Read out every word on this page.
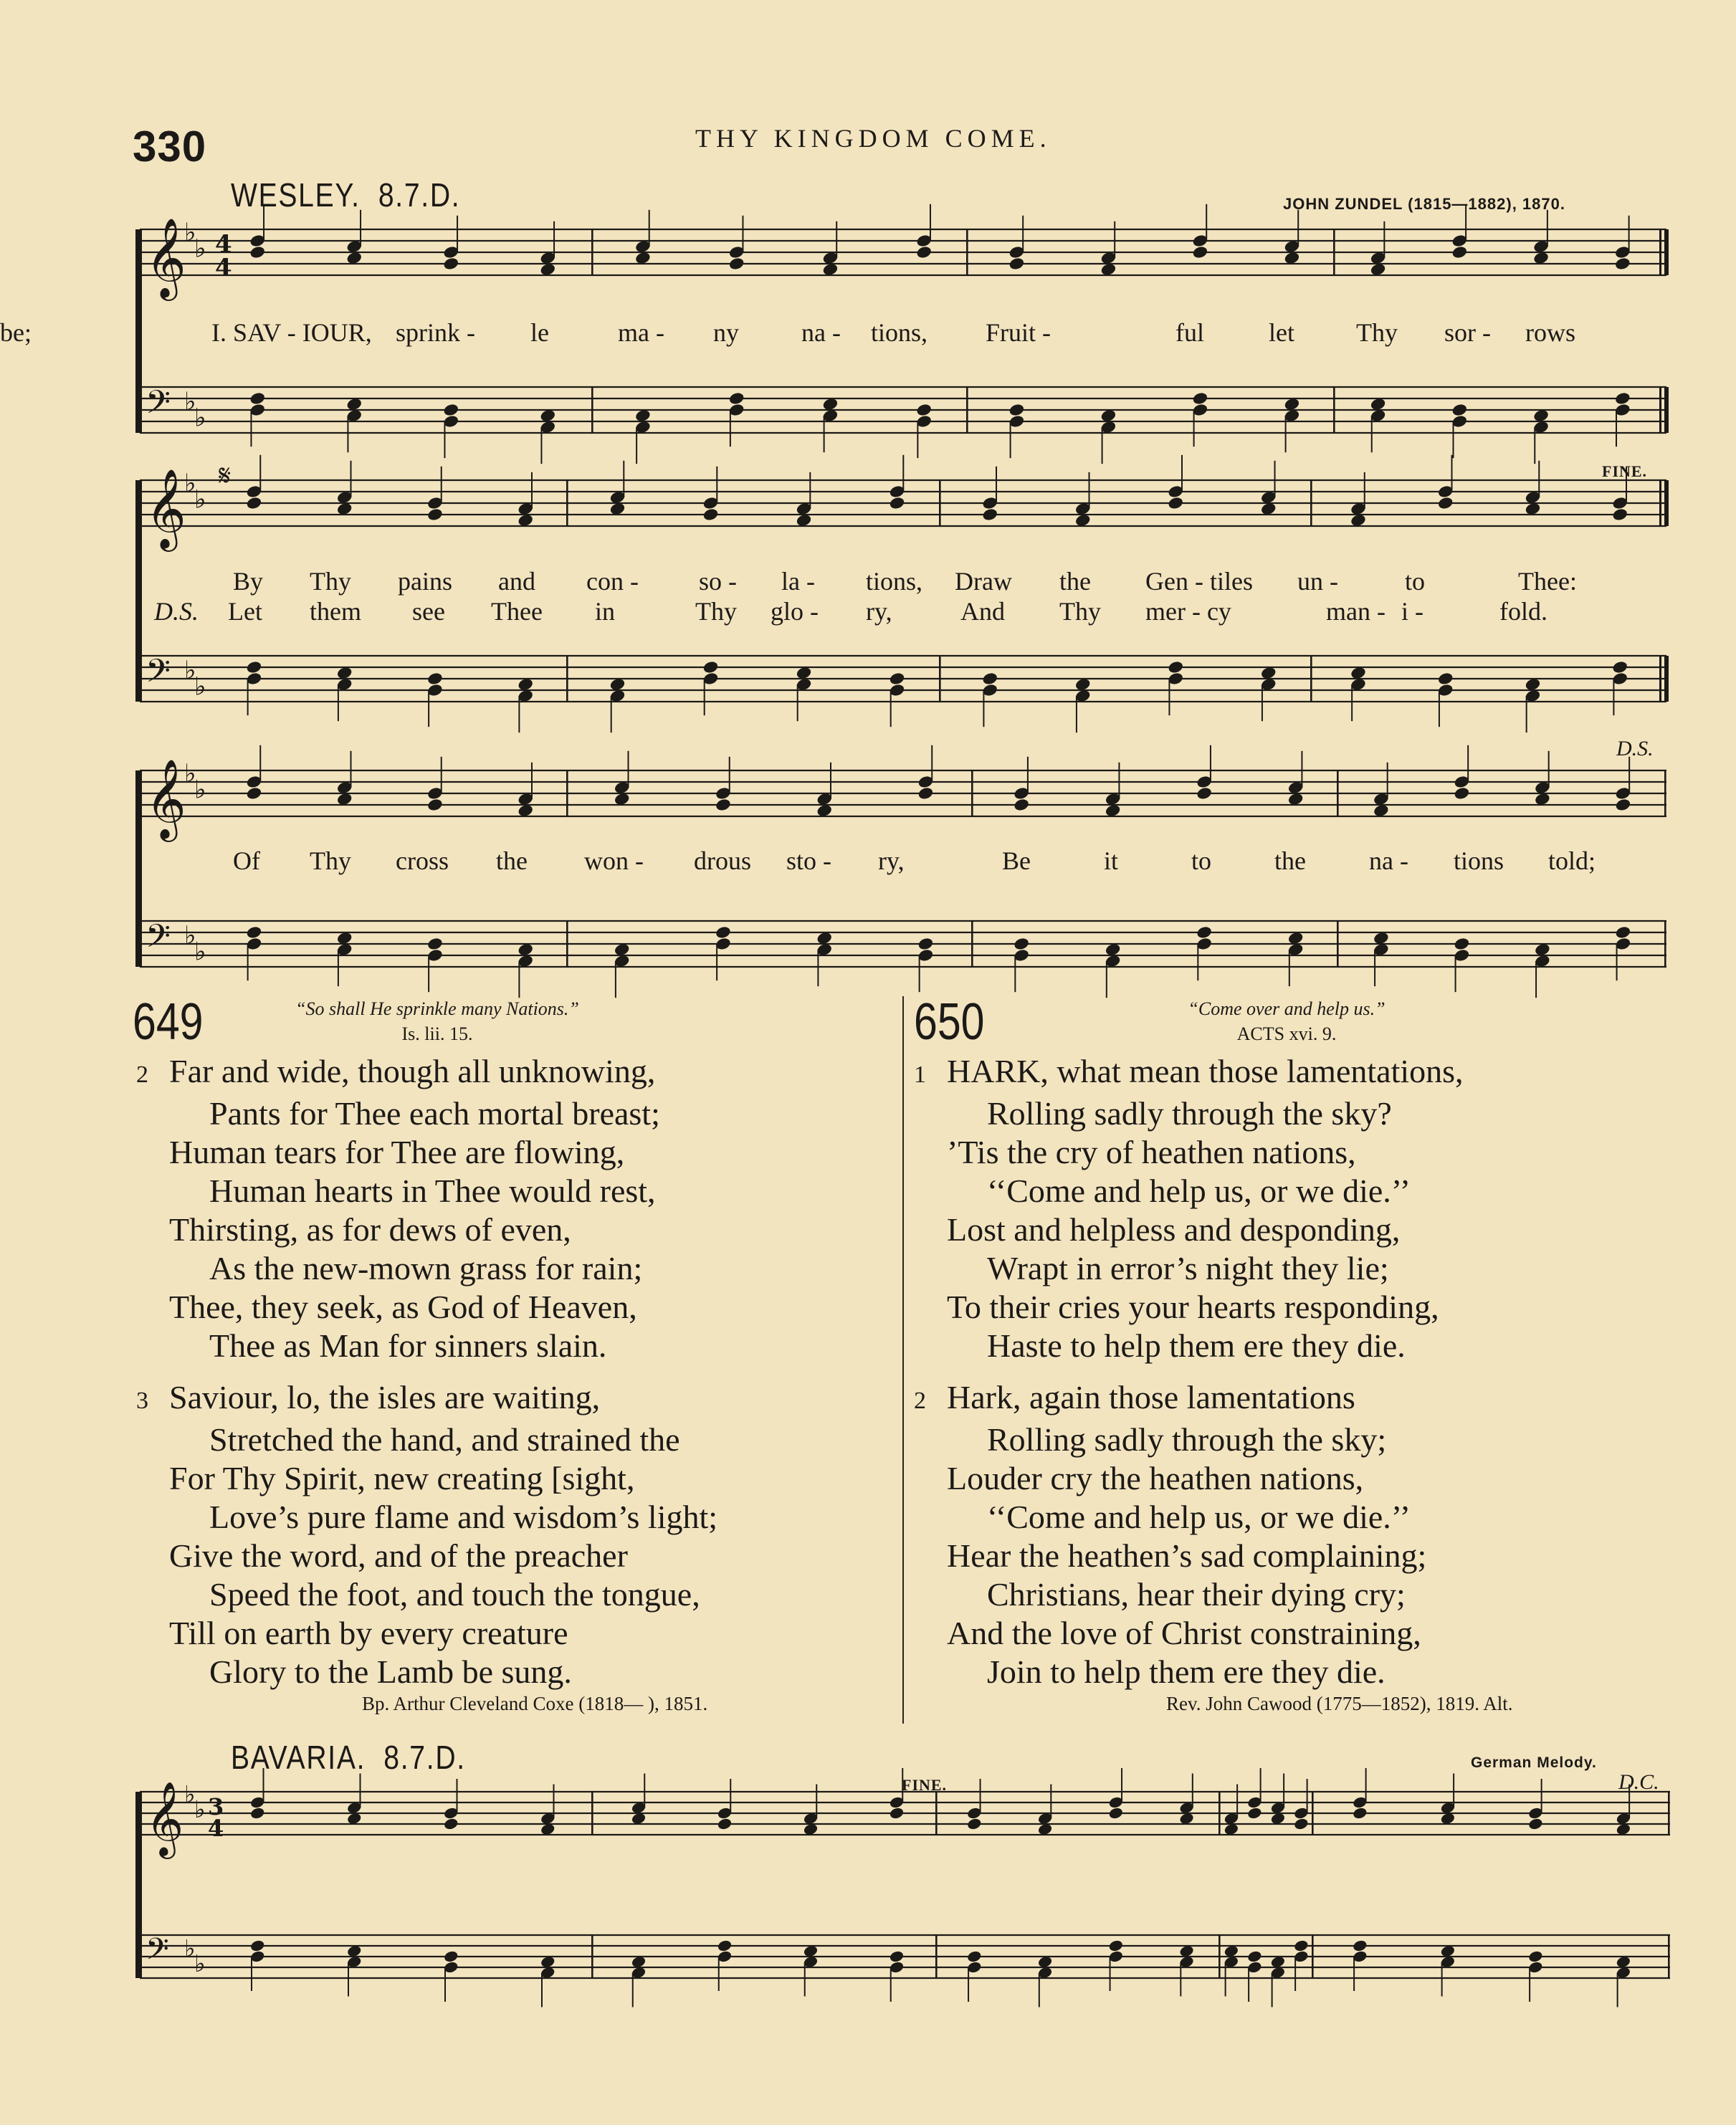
330	THY KINGDOM COME.
WESLEY. 8.7.D.	JOHN ZUNDEL (1815—1882), 1870.
𝄞
𝄢
♭
♭
♭
♭
4
4
𝄞
𝄢
♭
♭
♭
♭
𝄞
𝄢
♭
♭
♭
♭
𝄞
𝄢
♭
♭
♭
♭
3
4
I. SAV - IOUR, sprink - le	ma - ny na - tions, Fruit -	ful	let Thy sor - rows
be;
By Thy pains and con - so - la - tions, Draw the Gen - tiles un -	to	Thee:
D.S. Let them see Thee in	Thy glo - ry,	And Thy mer - cy	man - i -	fold.
Of Thy cross the won - drous sto - ry,	Be	it	to the na - tions told;
FINE.
D.S.
𝄋
649	“So shall He sprinkle many Nations.”
Is. lii. 15.
2 Far and wide, though all unknowing,
Pants for Thee each mortal breast;
Human tears for Thee are flowing,
Human hearts in Thee would rest,
Thirsting, as for dews of even,
As the new-mown grass for rain;
Thee, they seek, as God of Heaven,
Thee as Man for sinners slain.
3 Saviour, lo, the isles are waiting,
Stretched the hand, and strained the
For Thy Spirit, new creating [sight,
Love’s pure flame and wisdom’s light;
Give the word, and of the preacher
Speed the foot, and touch the tongue,
Till on earth by every creature
Glory to the Lamb be sung.
Bp. Arthur Cleveland Coxe (1818— ), 1851.
650	“Come over and help us.”
ACTS xvi. 9.
1 HARK, what mean those lamentations,
Rolling sadly through the sky?
’Tis the cry of heathen nations,
‘‘Come and help us, or we die.’’
Lost and helpless and desponding,
Wrapt in error’s night they lie;
To their cries your hearts responding,
Haste to help them ere they die.
2 Hark, again those lamentations
Rolling sadly through the sky;
Louder cry the heathen nations,
‘‘Come and help us, or we die.’’
Hear the heathen’s sad complaining;
Christians, hear their dying cry;
And the love of Christ constraining,
Join to help them ere they die.
Rev. John Cawood (1775—1852), 1819. Alt.
BAVARIA. 8.7.D.	German Melody.
FINE.	D.C.
